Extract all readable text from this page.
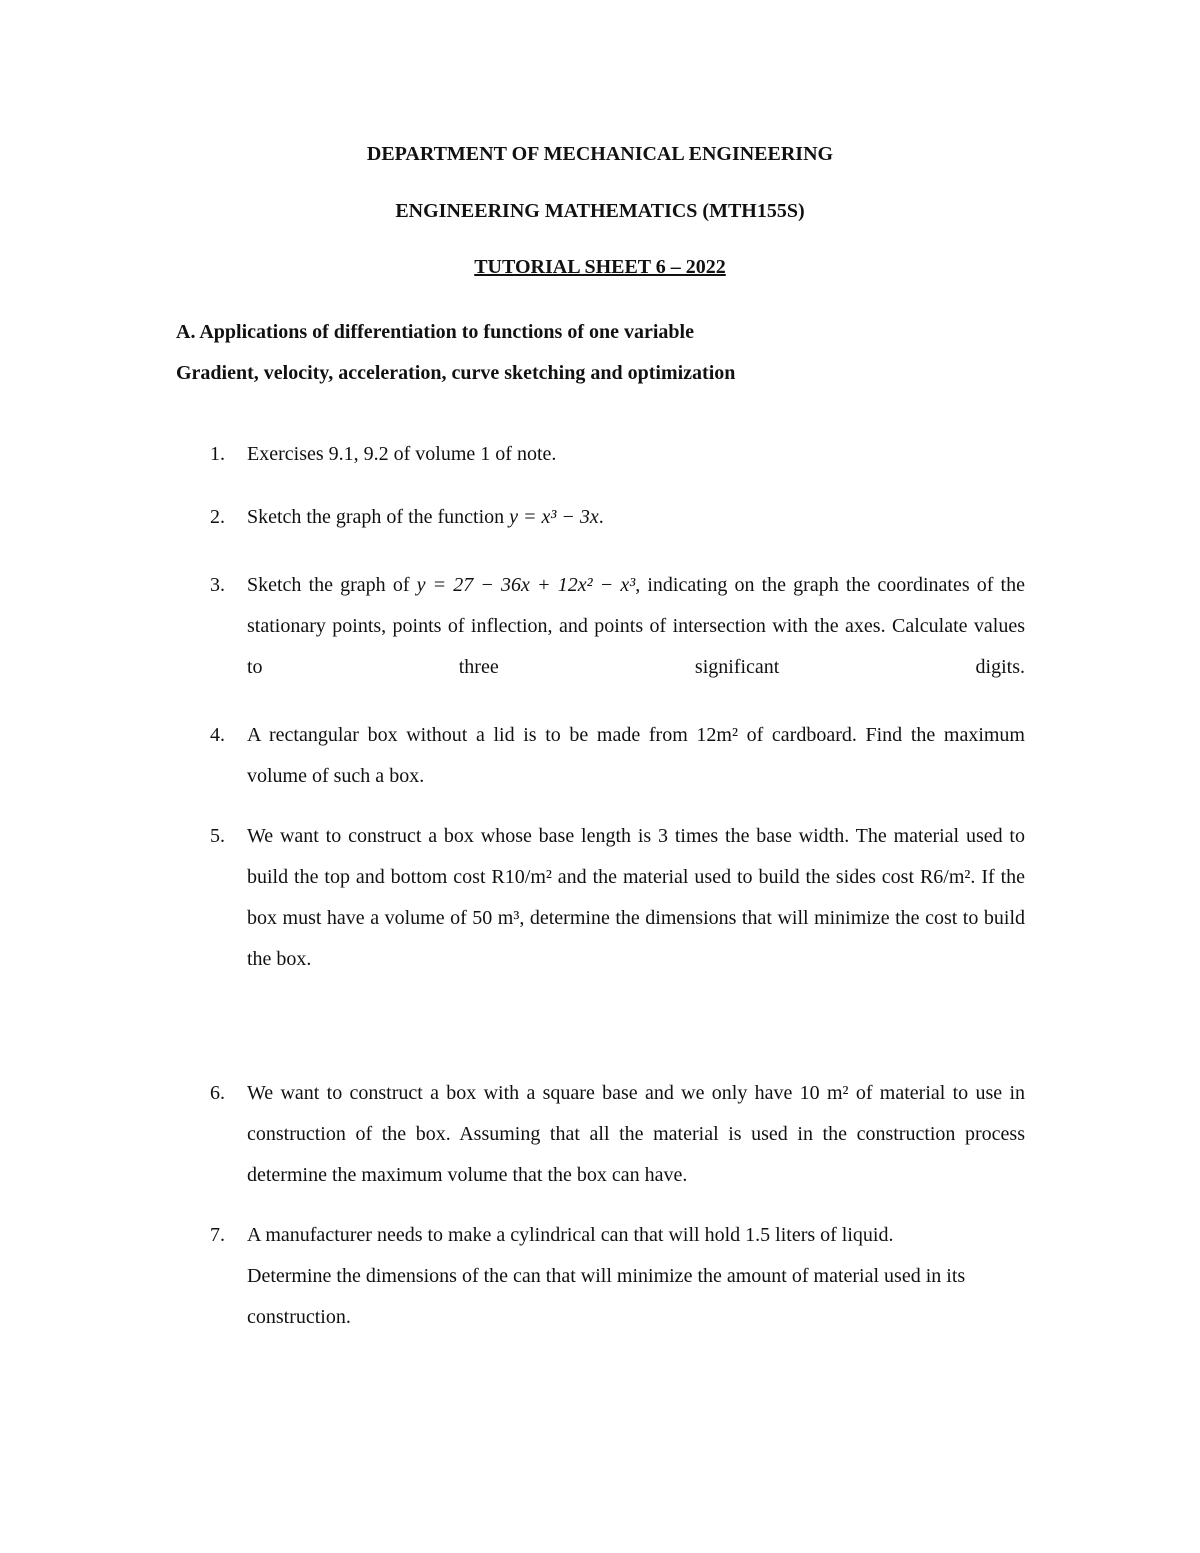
DEPARTMENT OF MECHANICAL ENGINEERING

ENGINEERING MATHEMATICS (MTH155S)

TUTORIAL SHEET 6 – 2022

A. Applications of differentiation to functions of one variable

Gradient, velocity, acceleration, curve sketching and optimization

1.	Exercises 9.1, 9.2 of volume 1 of note.
2.	Sketch the graph of the function y = x³ − 3x.
3.	Sketch the graph of y = 27 − 36x + 12x² − x³, indicating on the graph the coordinates of the stationary points, points of inflection, and points of intersection with the axes. Calculate values to three significant digits.
4.	A rectangular box without a lid is to be made from 12m² of cardboard. Find the maximum volume of such a box.
5.	We want to construct a box whose base length is 3 times the base width. The material used to build the top and bottom cost R10/m² and the material used to build the sides cost R6/m². If the box must have a volume of 50 m³, determine the dimensions that will minimize the cost to build the box.
6.	We want to construct a box with a square base and we only have 10 m² of material to use in construction of the box. Assuming that all the material is used in the construction process determine the maximum volume that the box can have.
7.	A manufacturer needs to make a cylindrical can that will hold 1.5 liters of liquid. Determine the dimensions of the can that will minimize the amount of material used in its construction.
